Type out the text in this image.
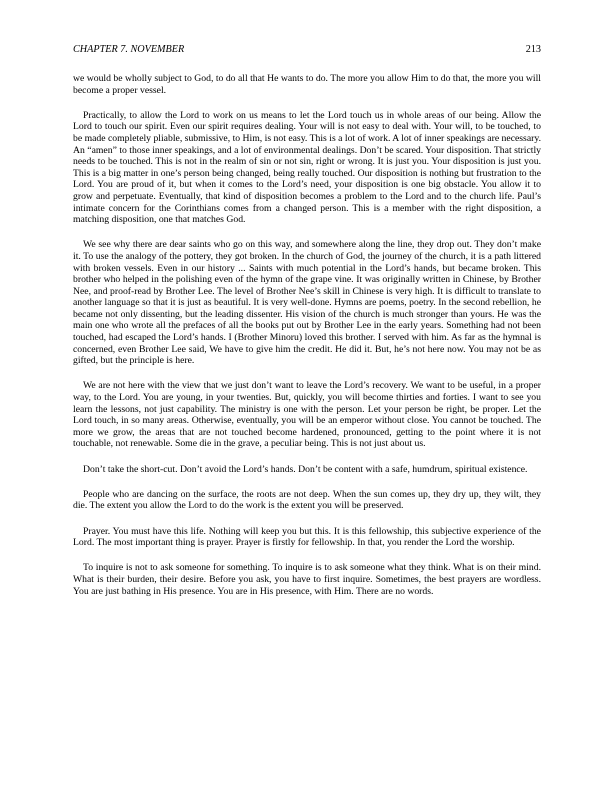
CHAPTER 7. NOVEMBER	213

we would be wholly subject to God, to do all that He wants to do. The more you allow Him to do that, the more you will become a proper vessel.

Practically, to allow the Lord to work on us means to let the Lord touch us in whole areas of our being. Allow the Lord to touch our spirit. Even our spirit requires dealing. Your will is not easy to deal with. Your will, to be touched, to be made completely pliable, submissive, to Him, is not easy. This is a lot of work. A lot of inner speakings are necessary. An “amen” to those inner speakings, and a lot of environmental dealings. Don’t be scared. Your disposition. That strictly needs to be touched. This is not in the realm of sin or not sin, right or wrong. It is just you. Your disposition is just you. This is a big matter in one’s person being changed, being really touched. Our disposition is nothing but frustration to the Lord. You are proud of it, but when it comes to the Lord’s need, your disposition is one big obstacle. You allow it to grow and perpetuate. Eventually, that kind of disposition becomes a problem to the Lord and to the church life. Paul’s intimate concern for the Corinthians comes from a changed person. This is a member with the right disposition, a matching disposition, one that matches God.

We see why there are dear saints who go on this way, and somewhere along the line, they drop out. They don’t make it. To use the analogy of the pottery, they got broken. In the church of God, the journey of the church, it is a path littered with broken vessels. Even in our history ... Saints with much potential in the Lord’s hands, but became broken. This brother who helped in the polishing even of the hymn of the grape vine. It was originally written in Chinese, by Brother Nee, and proof-read by Brother Lee. The level of Brother Nee’s skill in Chinese is very high. It is difficult to translate to another language so that it is just as beautiful. It is very well-done. Hymns are poems, poetry. In the second rebellion, he became not only dissenting, but the leading dissenter. His vision of the church is much stronger than yours. He was the main one who wrote all the prefaces of all the books put out by Brother Lee in the early years. Something had not been touched, had escaped the Lord’s hands. I (Brother Minoru) loved this brother. I served with him. As far as the hymnal is concerned, even Brother Lee said, We have to give him the credit. He did it. But, he’s not here now. You may not be as gifted, but the principle is here.

We are not here with the view that we just don’t want to leave the Lord’s recovery. We want to be useful, in a proper way, to the Lord. You are young, in your twenties. But, quickly, you will become thirties and forties. I want to see you learn the lessons, not just capability. The ministry is one with the person. Let your person be right, be proper. Let the Lord touch, in so many areas. Otherwise, eventually, you will be an emperor without close. You cannot be touched. The more we grow, the areas that are not touched become hardened, pronounced, getting to the point where it is not touchable, not renewable. Some die in the grave, a peculiar being. This is not just about us.

Don’t take the short-cut. Don’t avoid the Lord’s hands. Don’t be content with a safe, humdrum, spiritual existence.

People who are dancing on the surface, the roots are not deep. When the sun comes up, they dry up, they wilt, they die. The extent you allow the Lord to do the work is the extent you will be preserved.

Prayer. You must have this life. Nothing will keep you but this. It is this fellowship, this subjective experience of the Lord. The most important thing is prayer. Prayer is firstly for fellowship. In that, you render the Lord the worship.

To inquire is not to ask someone for something. To inquire is to ask someone what they think. What is on their mind. What is their burden, their desire. Before you ask, you have to first inquire. Sometimes, the best prayers are wordless. You are just bathing in His presence. You are in His presence, with Him. There are no words.
